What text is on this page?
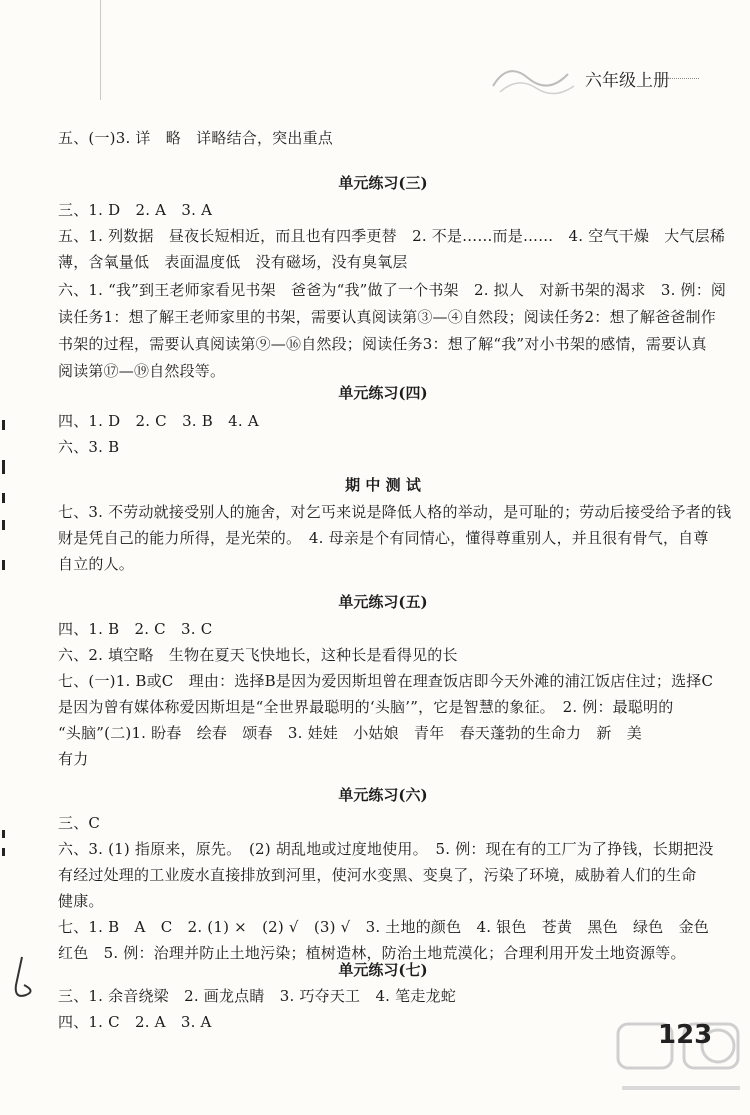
六年级上册
五、(一)3. 详　略　详略结合，突出重点
单元练习(三)
三、1. D　2. A　3. A
五、1. 列数据　昼夜长短相近，而且也有四季更替　2. 不是……而是……　4. 空气干燥　大气层稀
薄，含氧量低　表面温度低　没有磁场，没有臭氧层
六、1. “我”到王老师家看见书架　爸爸为“我”做了一个书架　2. 拟人　对新书架的渴求　3. 例：阅
读任务1：想了解王老师家里的书架，需要认真阅读第③—④自然段；阅读任务2：想了解爸爸制作
书架的过程，需要认真阅读第⑨—⑯自然段；阅读任务3：想了解“我”对小书架的感情，需要认真
阅读第⑰—⑲自然段等。
单元练习(四)
四、1. D　2. C　3. B　4. A
六、3. B
期 中 测 试
七、3. 不劳动就接受别人的施舍，对乞丐来说是降低人格的举动，是可耻的；劳动后接受给予者的钱
财是凭自己的能力所得，是光荣的。　4. 母亲是个有同情心，懂得尊重别人，并且很有骨气，自尊
自立的人。
单元练习(五)
四、1. B　2. C　3. C
六、2. 填空略　生物在夏天飞快地长，这种长是看得见的长
七、(一)1. B或C　理由：选择B是因为爱因斯坦曾在理查饭店即今天外滩的浦江饭店住过；选择C
是因为曾有媒体称爱因斯坦是“全世界最聪明的‘头脑’”，它是智慧的象征。　2. 例：最聪明的
“头脑”(二)1. 盼春　绘春　颂春　3. 娃娃　小姑娘　青年　春天蓬勃的生命力　新　美
有力
单元练习(六)
三、C
六、3. (1) 指原来，原先。　(2) 胡乱地或过度地使用。　5. 例：现在有的工厂为了挣钱，长期把没
有经过处理的工业废水直接排放到河里，使河水变黑、变臭了，污染了环境，威胁着人们的生命
健康。
七、1. B　A　C　2. (1) ×　(2) √　(3) √　3. 土地的颜色　4. 银色　苍黄　黑色　绿色　金色
红色　5. 例：治理并防止土地污染；植树造林，防治土地荒漠化；合理利用开发土地资源等。
单元练习(七)
三、1. 余音绕梁　2. 画龙点睛　3. 巧夺天工　4. 笔走龙蛇
四、1. C　2. A　3. A	123
